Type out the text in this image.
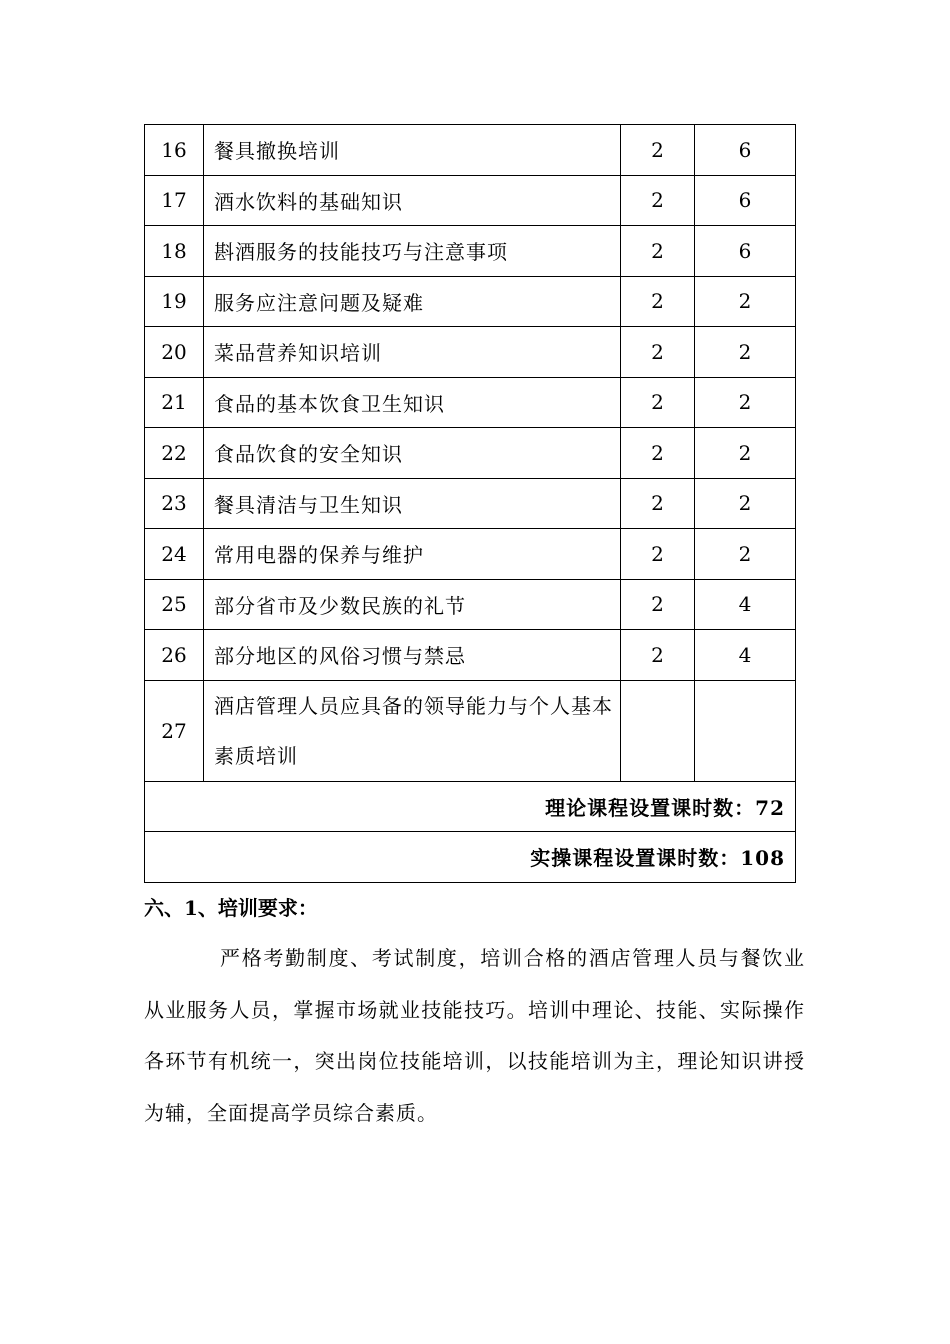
16	餐具撤换培训	2	6
17	酒水饮料的基础知识	2	6
18	斟酒服务的技能技巧与注意事项	2	6
19	服务应注意问题及疑难	2	2
20	菜品营养知识培训	2	2
21	食品的基本饮食卫生知识	2	2
22	食品饮食的安全知识	2	2
23	餐具清洁与卫生知识	2	2
24	常用电器的保养与维护	2	2
25	部分省市及少数民族的礼节	2	4
26	部分地区的风俗习惯与禁忌	2	4
27	酒店管理人员应具备的领导能力与个人基本素质培训		
理论课程设置课时数：72			
实操课程设置课时数：108			
六、1、培训要求：

严格考勤制度、考试制度，培训合格的酒店管理人员与餐饮业从业服务人员，掌握市场就业技能技巧。培训中理论、技能、实际操作各环节有机统一，突出岗位技能培训，以技能培训为主，理论知识讲授为辅，全面提高学员综合素质。
